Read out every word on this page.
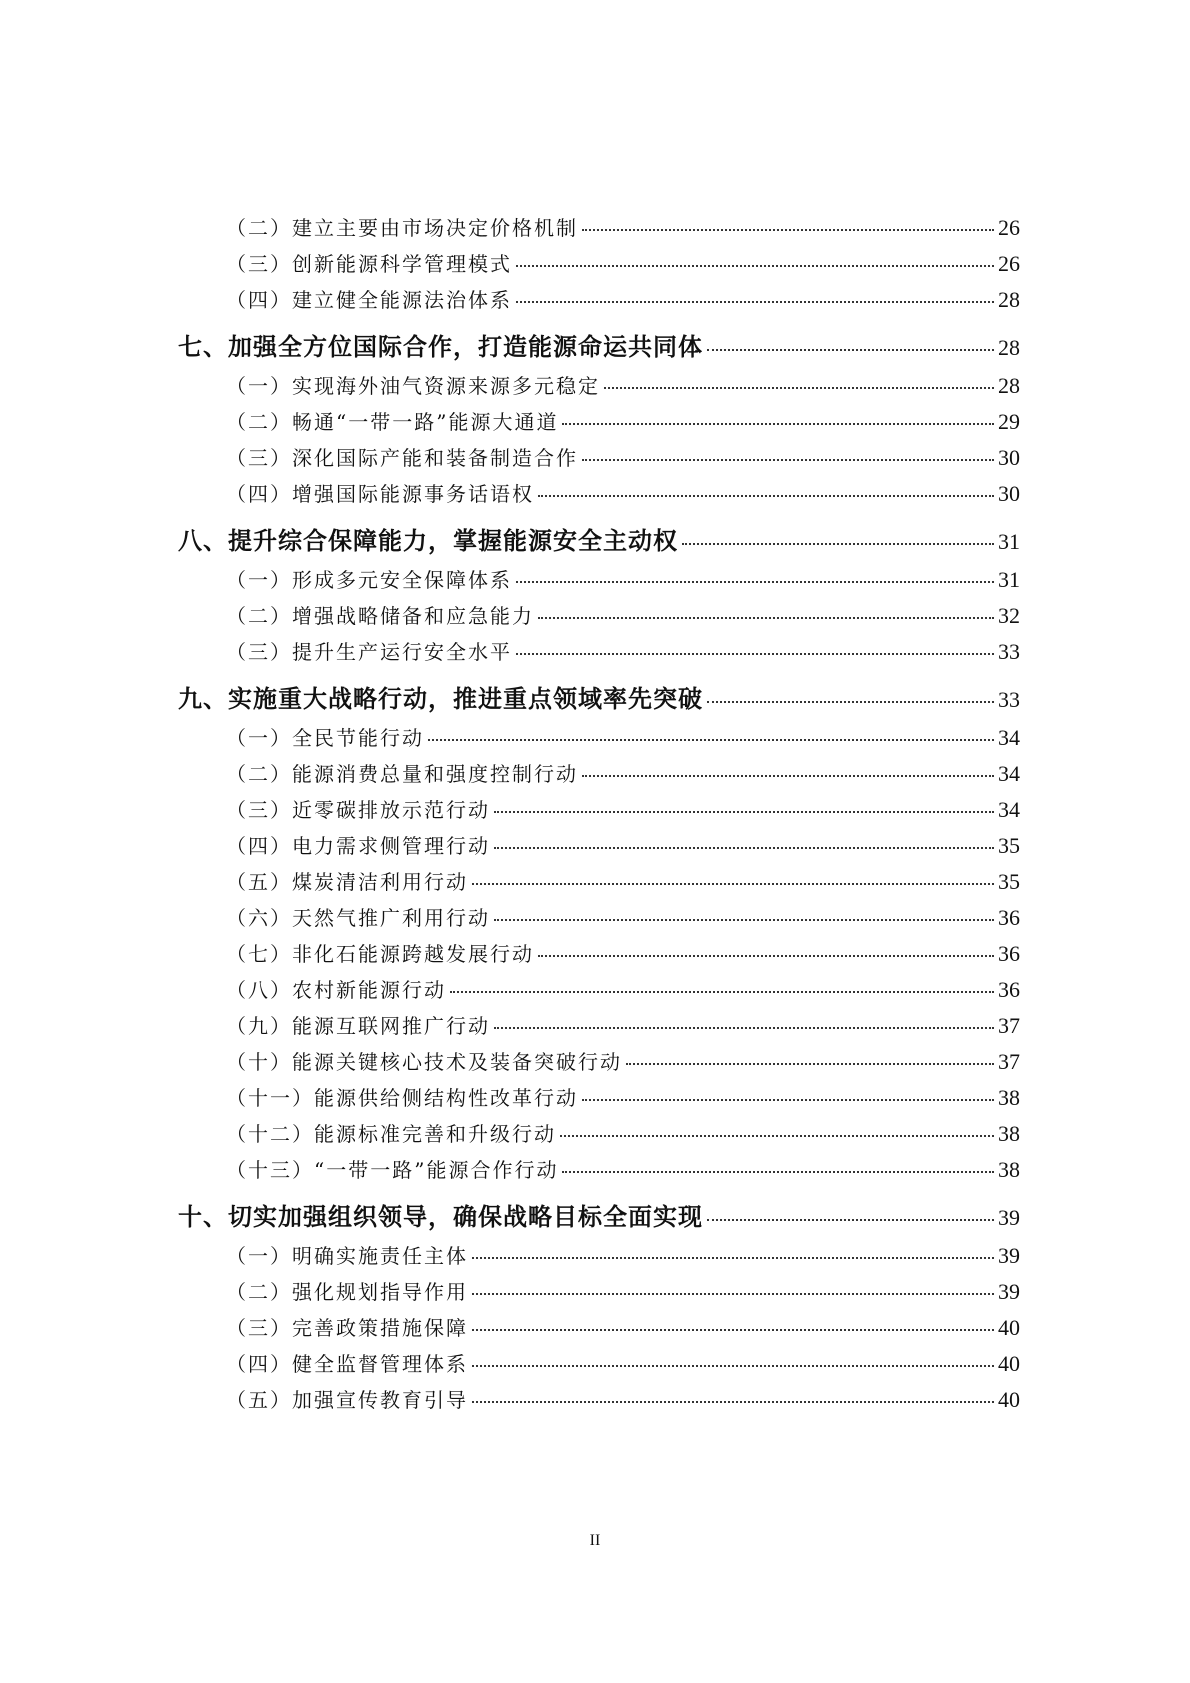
（二）建立主要由市场决定价格机制	26
（三）创新能源科学管理模式	26
（四）建立健全能源法治体系	28
七、加强全方位国际合作，打造能源命运共同体	28
（一）实现海外油气资源来源多元稳定	28
（二）畅通“一带一路”能源大通道	29
（三）深化国际产能和装备制造合作	30
（四）增强国际能源事务话语权	30
八、提升综合保障能力，掌握能源安全主动权	31
（一）形成多元安全保障体系	31
（二）增强战略储备和应急能力	32
（三）提升生产运行安全水平	33
九、实施重大战略行动，推进重点领域率先突破	33
（一）全民节能行动	34
（二）能源消费总量和强度控制行动	34
（三）近零碳排放示范行动	34
（四）电力需求侧管理行动	35
（五）煤炭清洁利用行动	35
（六）天然气推广利用行动	36
（七）非化石能源跨越发展行动	36
（八）农村新能源行动	36
（九）能源互联网推广行动	37
（十）能源关键核心技术及装备突破行动	37
（十一）能源供给侧结构性改革行动	38
（十二）能源标准完善和升级行动	38
（十三）“一带一路”能源合作行动	38
十、切实加强组织领导，确保战略目标全面实现	39
（一）明确实施责任主体	39
（二）强化规划指导作用	39
（三）完善政策措施保障	40
（四）健全监督管理体系	40
（五）加强宣传教育引导	40
II
